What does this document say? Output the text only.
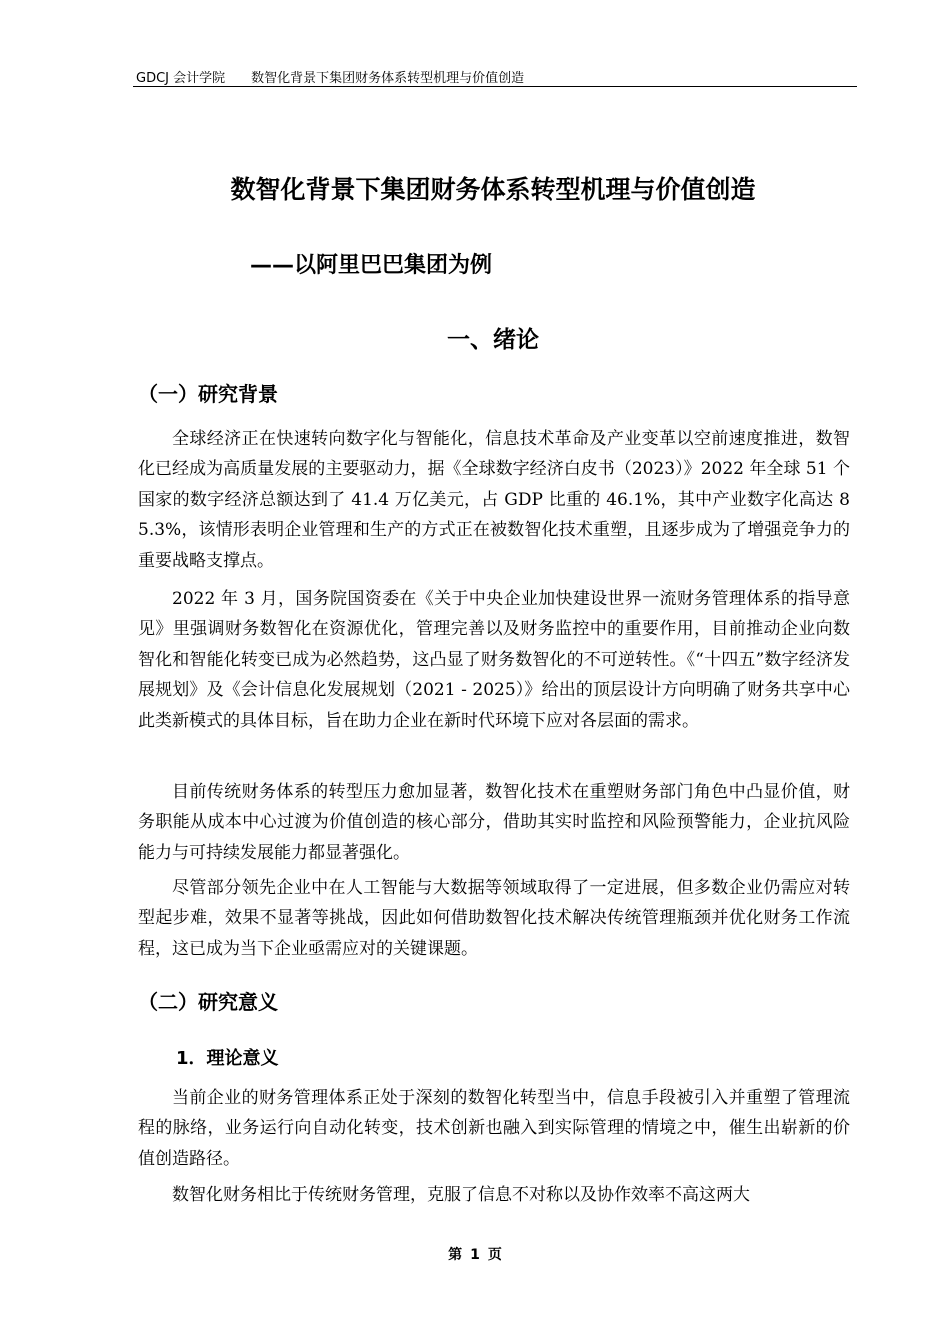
GDCJ 会计学院 数智化背景下集团财务体系转型机理与价值创造
数智化背景下集团财务体系转型机理与价值创造
——以阿里巴巴集团为例
一、绪论
（一）研究背景

全球经济正在快速转向数字化与智能化，信息技术革命及产业变革以空前速度推进，数智化已经成为高质量发展的主要驱动力，据《全球数字经济白皮书（2023）》2022 年全球 51 个国家的数字经济总额达到了 41.4 万亿美元，占 GDP 比重的 46.1%，其中产业数字化高达 85.3%，该情形表明企业管理和生产的方式正在被数智化技术重塑，且逐步成为了增强竞争力的重要战略支撑点。

2022 年 3 月，国务院国资委在《关于中央企业加快建设世界一流财务管理体系的指导意见》里强调财务数智化在资源优化，管理完善以及财务监控中的重要作用，目前推动企业向数智化和智能化转变已成为必然趋势，这凸显了财务数智化的不可逆转性。《“十四五”数字经济发展规划》及《会计信息化发展规划（2021 - 2025）》给出的顶层设计方向明确了财务共享中心此类新模式的具体目标，旨在助力企业在新时代环境下应对各层面的需求。

目前传统财务体系的转型压力愈加显著，数智化技术在重塑财务部门角色中凸显价值，财务职能从成本中心过渡为价值创造的核心部分，借助其实时监控和风险预警能力，企业抗风险能力与可持续发展能力都显著强化。

尽管部分领先企业中在人工智能与大数据等领域取得了一定进展，但多数企业仍需应对转型起步难，效果不显著等挑战，因此如何借助数智化技术解决传统管理瓶颈并优化财务工作流程，这已成为当下企业亟需应对的关键课题。

（二）研究意义
1．理论意义

当前企业的财务管理体系正处于深刻的数智化转型当中，信息手段被引入并重塑了管理流程的脉络，业务运行向自动化转变，技术创新也融入到实际管理的情境之中，催生出崭新的价值创造路径。

数智化财务相比于传统财务管理，克服了信息不对称以及协作效率不高这两大

第 1 页
